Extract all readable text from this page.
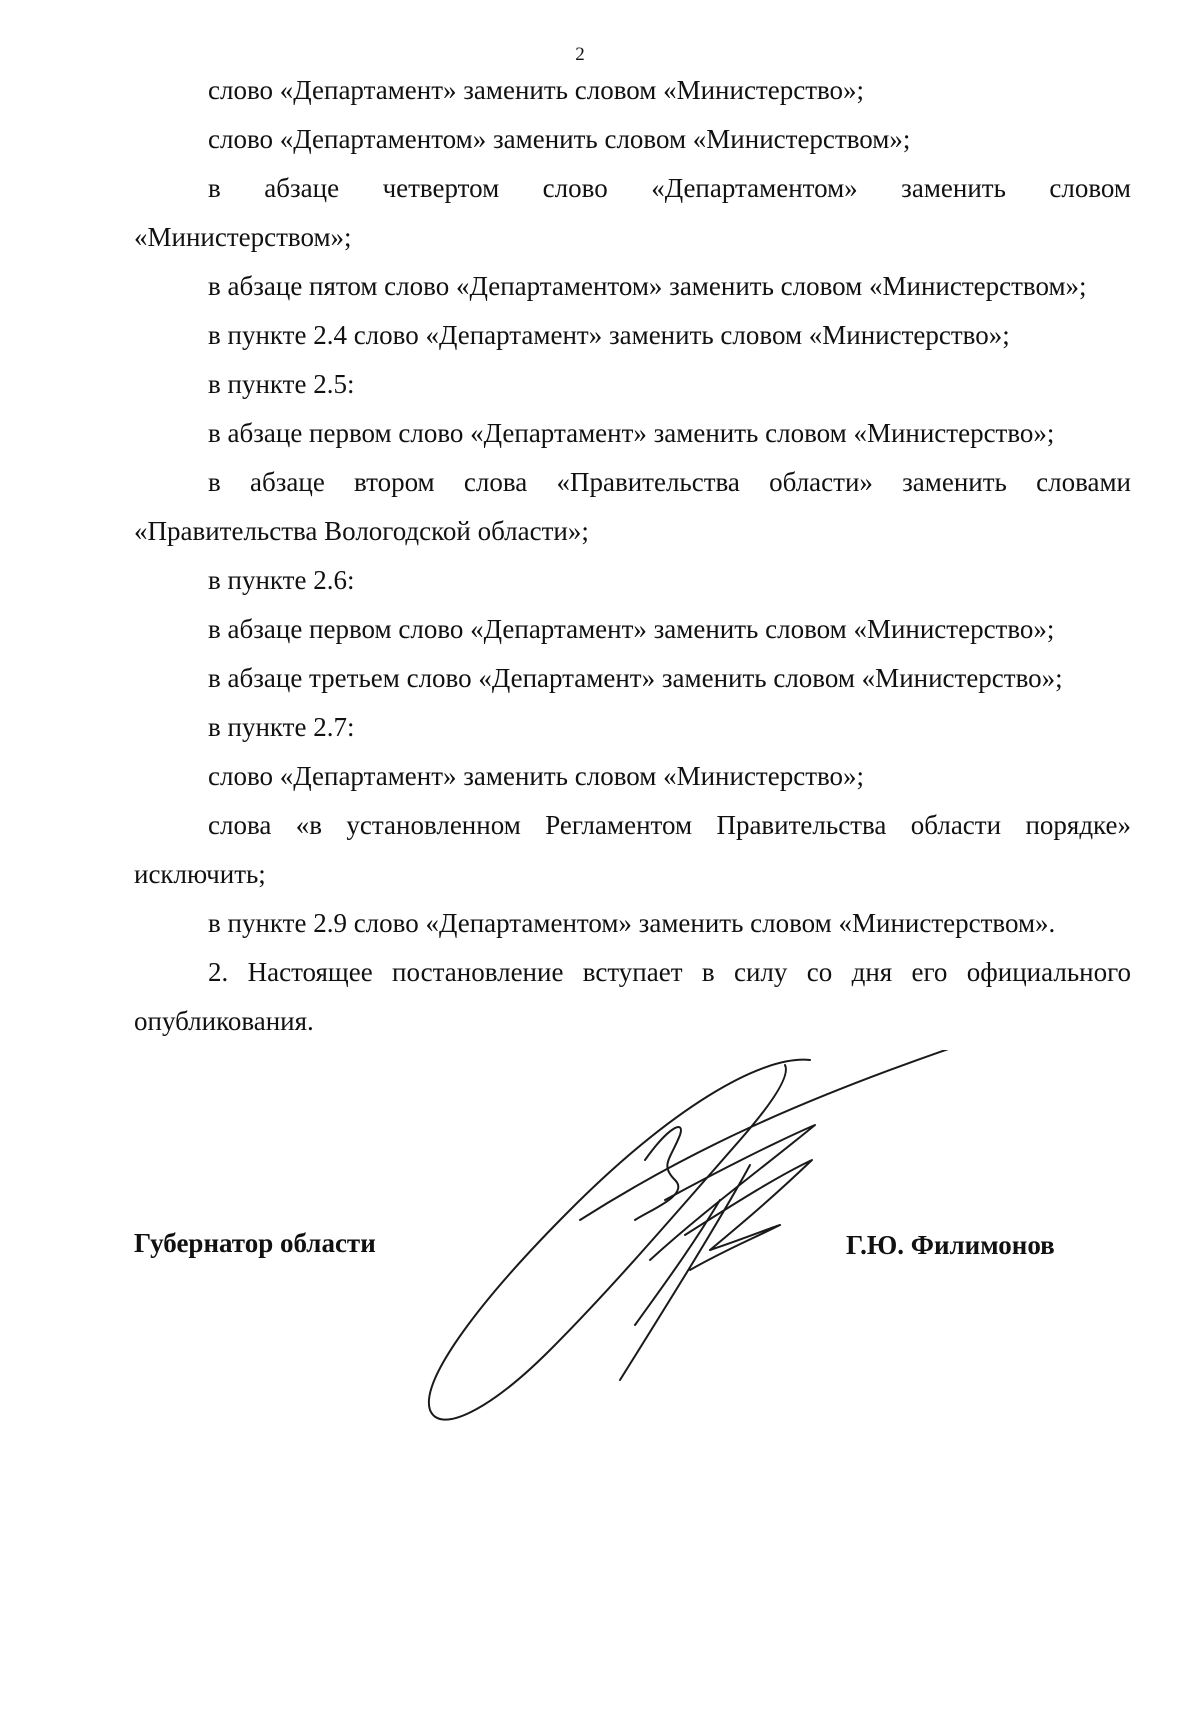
2

слово «Департамент» заменить словом «Министерство»;

слово «Департаментом» заменить словом «Министерством»;

в абзаце четвертом слово «Департаментом» заменить словом «Министерством»;

в абзаце пятом слово «Департаментом» заменить словом «Министерством»;

в пункте 2.4 слово «Департамент» заменить словом «Министерство»;

в пункте 2.5:

в абзаце первом слово «Департамент» заменить словом «Министерство»;

в абзаце втором слова «Правительства области» заменить словами «Правительства Вологодской области»;

в пункте 2.6:

в абзаце первом слово «Департамент» заменить словом «Министерство»;

в абзаце третьем слово «Департамент» заменить словом «Министерство»;

в пункте 2.7:

слово «Департамент» заменить словом «Министерство»;

слова «в установленном Регламентом Правительства области порядке» исключить;

в пункте 2.9 слово «Департаментом» заменить словом «Министерством».

2. Настоящее постановление вступает в силу со дня его официального опубликования.

Губернатор области	Г.Ю. Филимонов
